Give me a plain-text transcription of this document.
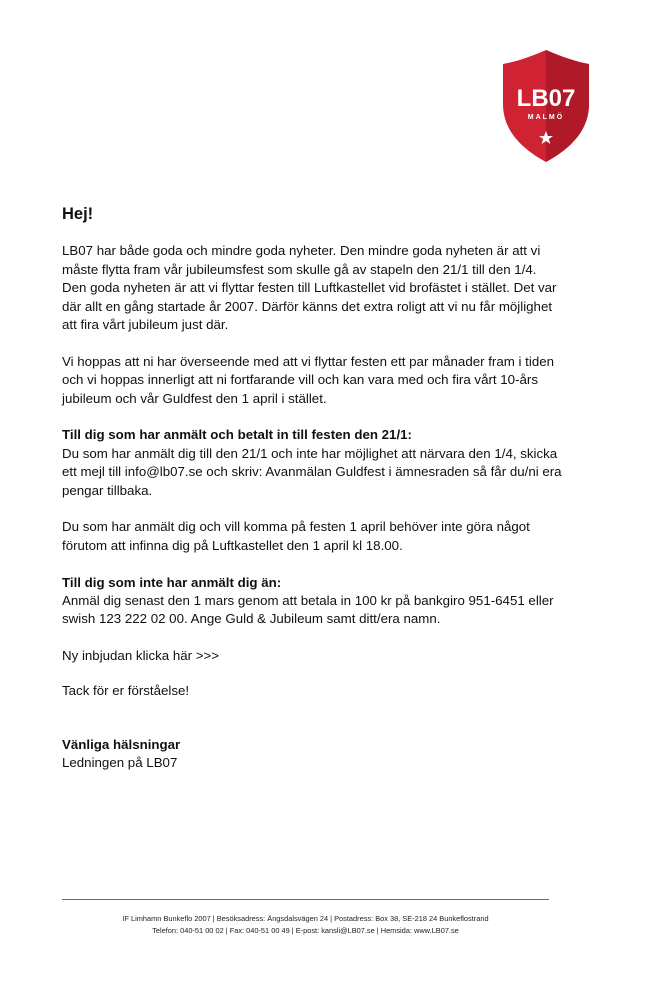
LB07
MALMÖ
Hej!

LB07 har både goda och mindre goda nyheter. Den mindre goda nyheten är att vi måste flytta fram vår jubileumsfest som skulle gå av stapeln den 21/1 till den 1/4. Den goda nyheten är att vi flyttar festen till Luftkastellet vid brofästet i stället. Det var där allt en gång startade år 2007. Därför känns det extra roligt att vi nu får möjlighet att fira vårt jubileum just där.

Vi hoppas att ni har överseende med att vi flyttar festen ett par månader fram i tiden och vi hoppas innerligt att ni fortfarande vill och kan vara med och fira vårt 10-års jubileum och vår Guldfest den 1 april i stället.

Till dig som har anmält och betalt in till festen den 21/1:
Du som har anmält dig till den 21/1 och inte har möjlighet att närvara den 1/4, skicka ett mejl till info@lb07.se och skriv: Avanmälan Guldfest i ämnesraden så får du/ni era pengar tillbaka.

Du som har anmält dig och vill komma på festen 1 april behöver inte göra något förutom att infinna dig på Luftkastellet den 1 april kl 18.00.

Till dig som inte har anmält dig än:
Anmäl dig senast den 1 mars genom att betala in 100 kr på bankgiro 951-6451 eller swish 123 222 02 00. Ange Guld & Jubileum samt ditt/era namn.

Ny inbjudan klicka här >>>

Tack för er förståelse!

Vänliga hälsningar
Ledningen på LB07
IF Limhamn Bunkeflo 2007 | Besöksadress: Ängsdalsvägen 24 | Postadress: Box 38, SE-218 24 Bunkeflostrand
Telefon: 040-51 00 02 | Fax: 040-51 00 49 | E-post: kansli@LB07.se | Hemsida: www.LB07.se
